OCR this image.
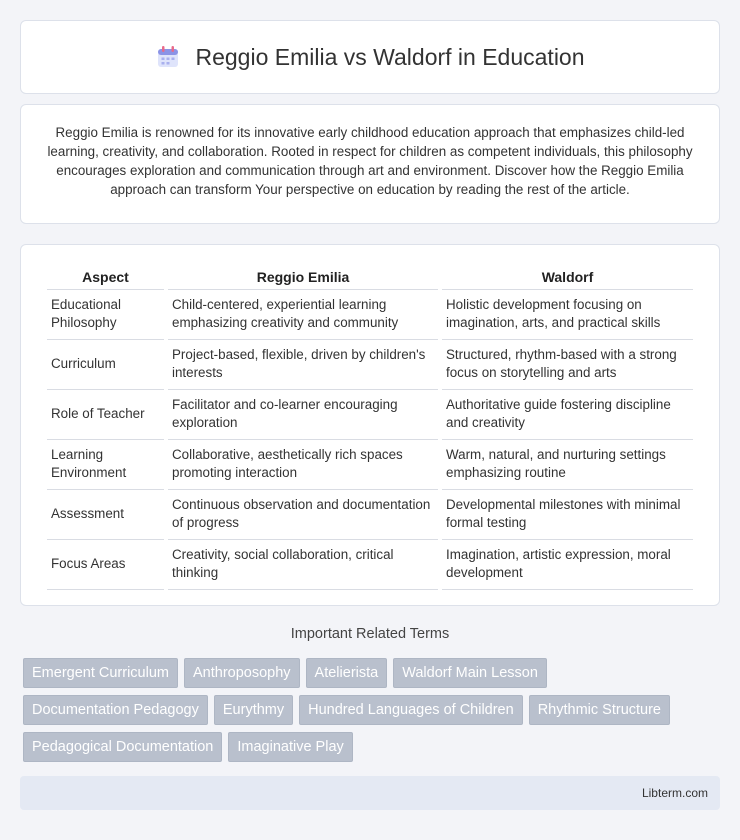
Reggio Emilia vs Waldorf in Education

Reggio Emilia is renowned for its innovative early childhood education approach that emphasizes child-led learning, creativity, and collaboration. Rooted in respect for children as competent individuals, this philosophy encourages exploration and communication through art and environment. Discover how the Reggio Emilia approach can transform Your perspective on education by reading the rest of the article.

Aspect	Reggio Emilia	Waldorf
Educational Philosophy	Child-centered, experiential learning emphasizing creativity and community	Holistic development focusing on imagination, arts, and practical skills
Curriculum	Project-based, flexible, driven by children's interests	Structured, rhythm-based with a strong focus on storytelling and arts
Role of Teacher	Facilitator and co-learner encouraging exploration	Authoritative guide fostering discipline and creativity
Learning Environment	Collaborative, aesthetically rich spaces promoting interaction	Warm, natural, and nurturing settings emphasizing routine
Assessment	Continuous observation and documentation of progress	Developmental milestones with minimal formal testing
Focus Areas	Creativity, social collaboration, critical thinking	Imagination, artistic expression, moral development
Important Related Terms
Emergent Curriculum	Anthroposophy	Atelierista	Waldorf Main Lesson
Documentation Pedagogy	Eurythmy	Hundred Languages of Children	Rhythmic Structure
Pedagogical Documentation	Imaginative Play
Libterm.com
